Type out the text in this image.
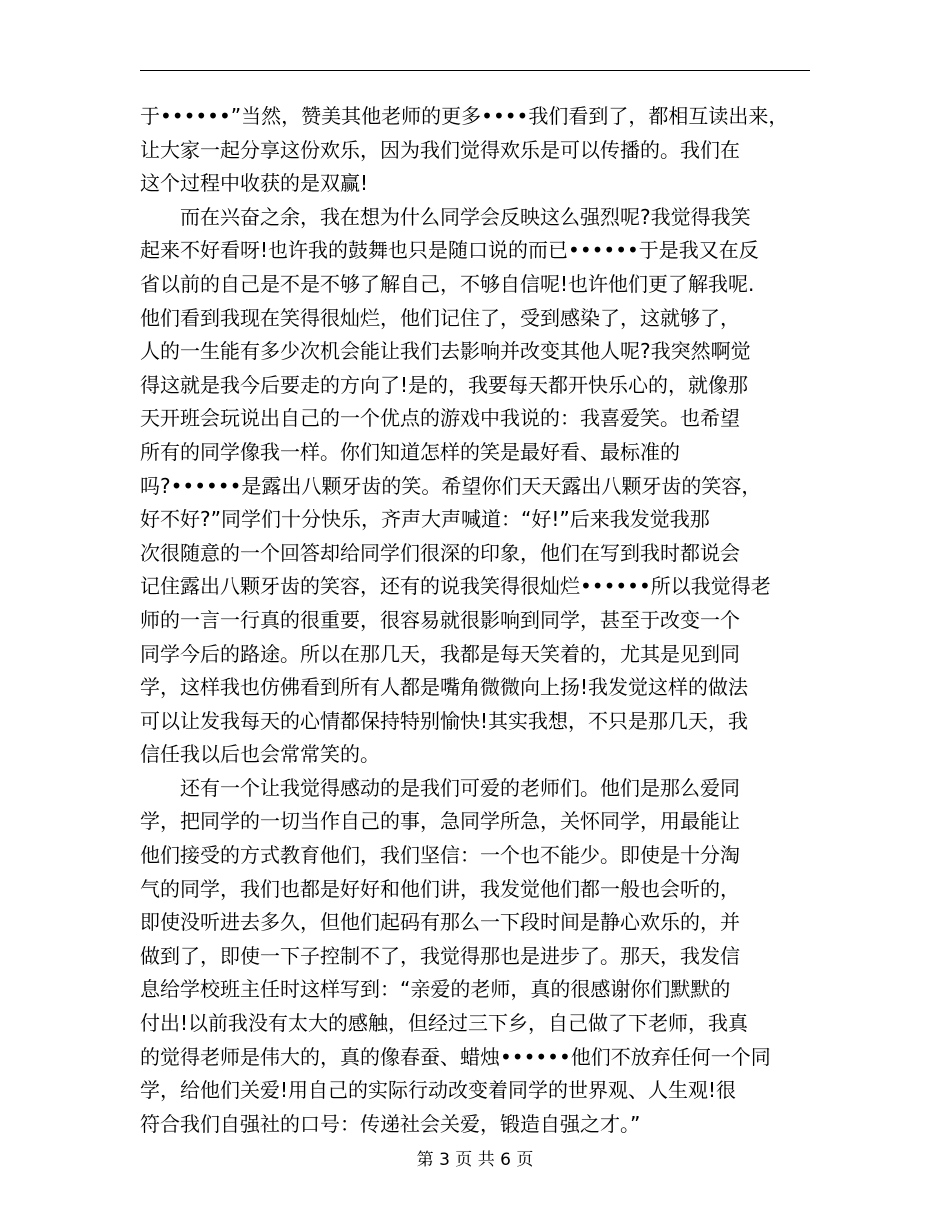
于••••••”当然，赞美其他老师的更多••••我们看到了，都相互读出来，
让大家一起分享这份欢乐，因为我们觉得欢乐是可以传播的。我们在
这个过程中收获的是双赢!
而在兴奋之余，我在想为什么同学会反映这么强烈呢?我觉得我笑
起来不好看呀!也许我的鼓舞也只是随口说的而已••••••于是我又在反
省以前的自己是不是不够了解自己，不够自信呢!也许他们更了解我呢.
他们看到我现在笑得很灿烂，他们记住了，受到感染了，这就够了，
人的一生能有多少次机会能让我们去影响并改变其他人呢?我突然啊觉
得这就是我今后要走的方向了!是的，我要每天都开快乐心的，就像那
天开班会玩说出自己的一个优点的游戏中我说的：我喜爱笑。也希望
所有的同学像我一样。你们知道怎样的笑是最好看、最标准的
吗?••••••是露出八颗牙齿的笑。希望你们天天露出八颗牙齿的笑容，
好不好?”同学们十分快乐，齐声大声喊道：“好!”后来我发觉我那
次很随意的一个回答却给同学们很深的印象，他们在写到我时都说会
记住露出八颗牙齿的笑容，还有的说我笑得很灿烂••••••所以我觉得老
师的一言一行真的很重要，很容易就很影响到同学，甚至于改变一个
同学今后的路途。所以在那几天，我都是每天笑着的，尤其是见到同
学，这样我也仿佛看到所有人都是嘴角微微向上扬!我发觉这样的做法
可以让发我每天的心情都保持特别愉快!其实我想，不只是那几天，我
信任我以后也会常常笑的。
还有一个让我觉得感动的是我们可爱的老师们。他们是那么爱同
学，把同学的一切当作自己的事，急同学所急，关怀同学，用最能让
他们接受的方式教育他们，我们坚信：一个也不能少。即使是十分淘
气的同学，我们也都是好好和他们讲，我发觉他们都一般也会听的，
即使没听进去多久，但他们起码有那么一下段时间是静心欢乐的，并
做到了，即使一下子控制不了，我觉得那也是进步了。那天，我发信
息给学校班主任时这样写到：“亲爱的老师，真的很感谢你们默默的
付出!以前我没有太大的感触，但经过三下乡，自己做了下老师，我真
的觉得老师是伟大的，真的像春蚕、蜡烛••••••他们不放弃任何一个同
学，给他们关爱!用自己的实际行动改变着同学的世界观、人生观!很
符合我们自强社的口号：传递社会关爱，锻造自强之才。”
第 3 页 共 6 页
